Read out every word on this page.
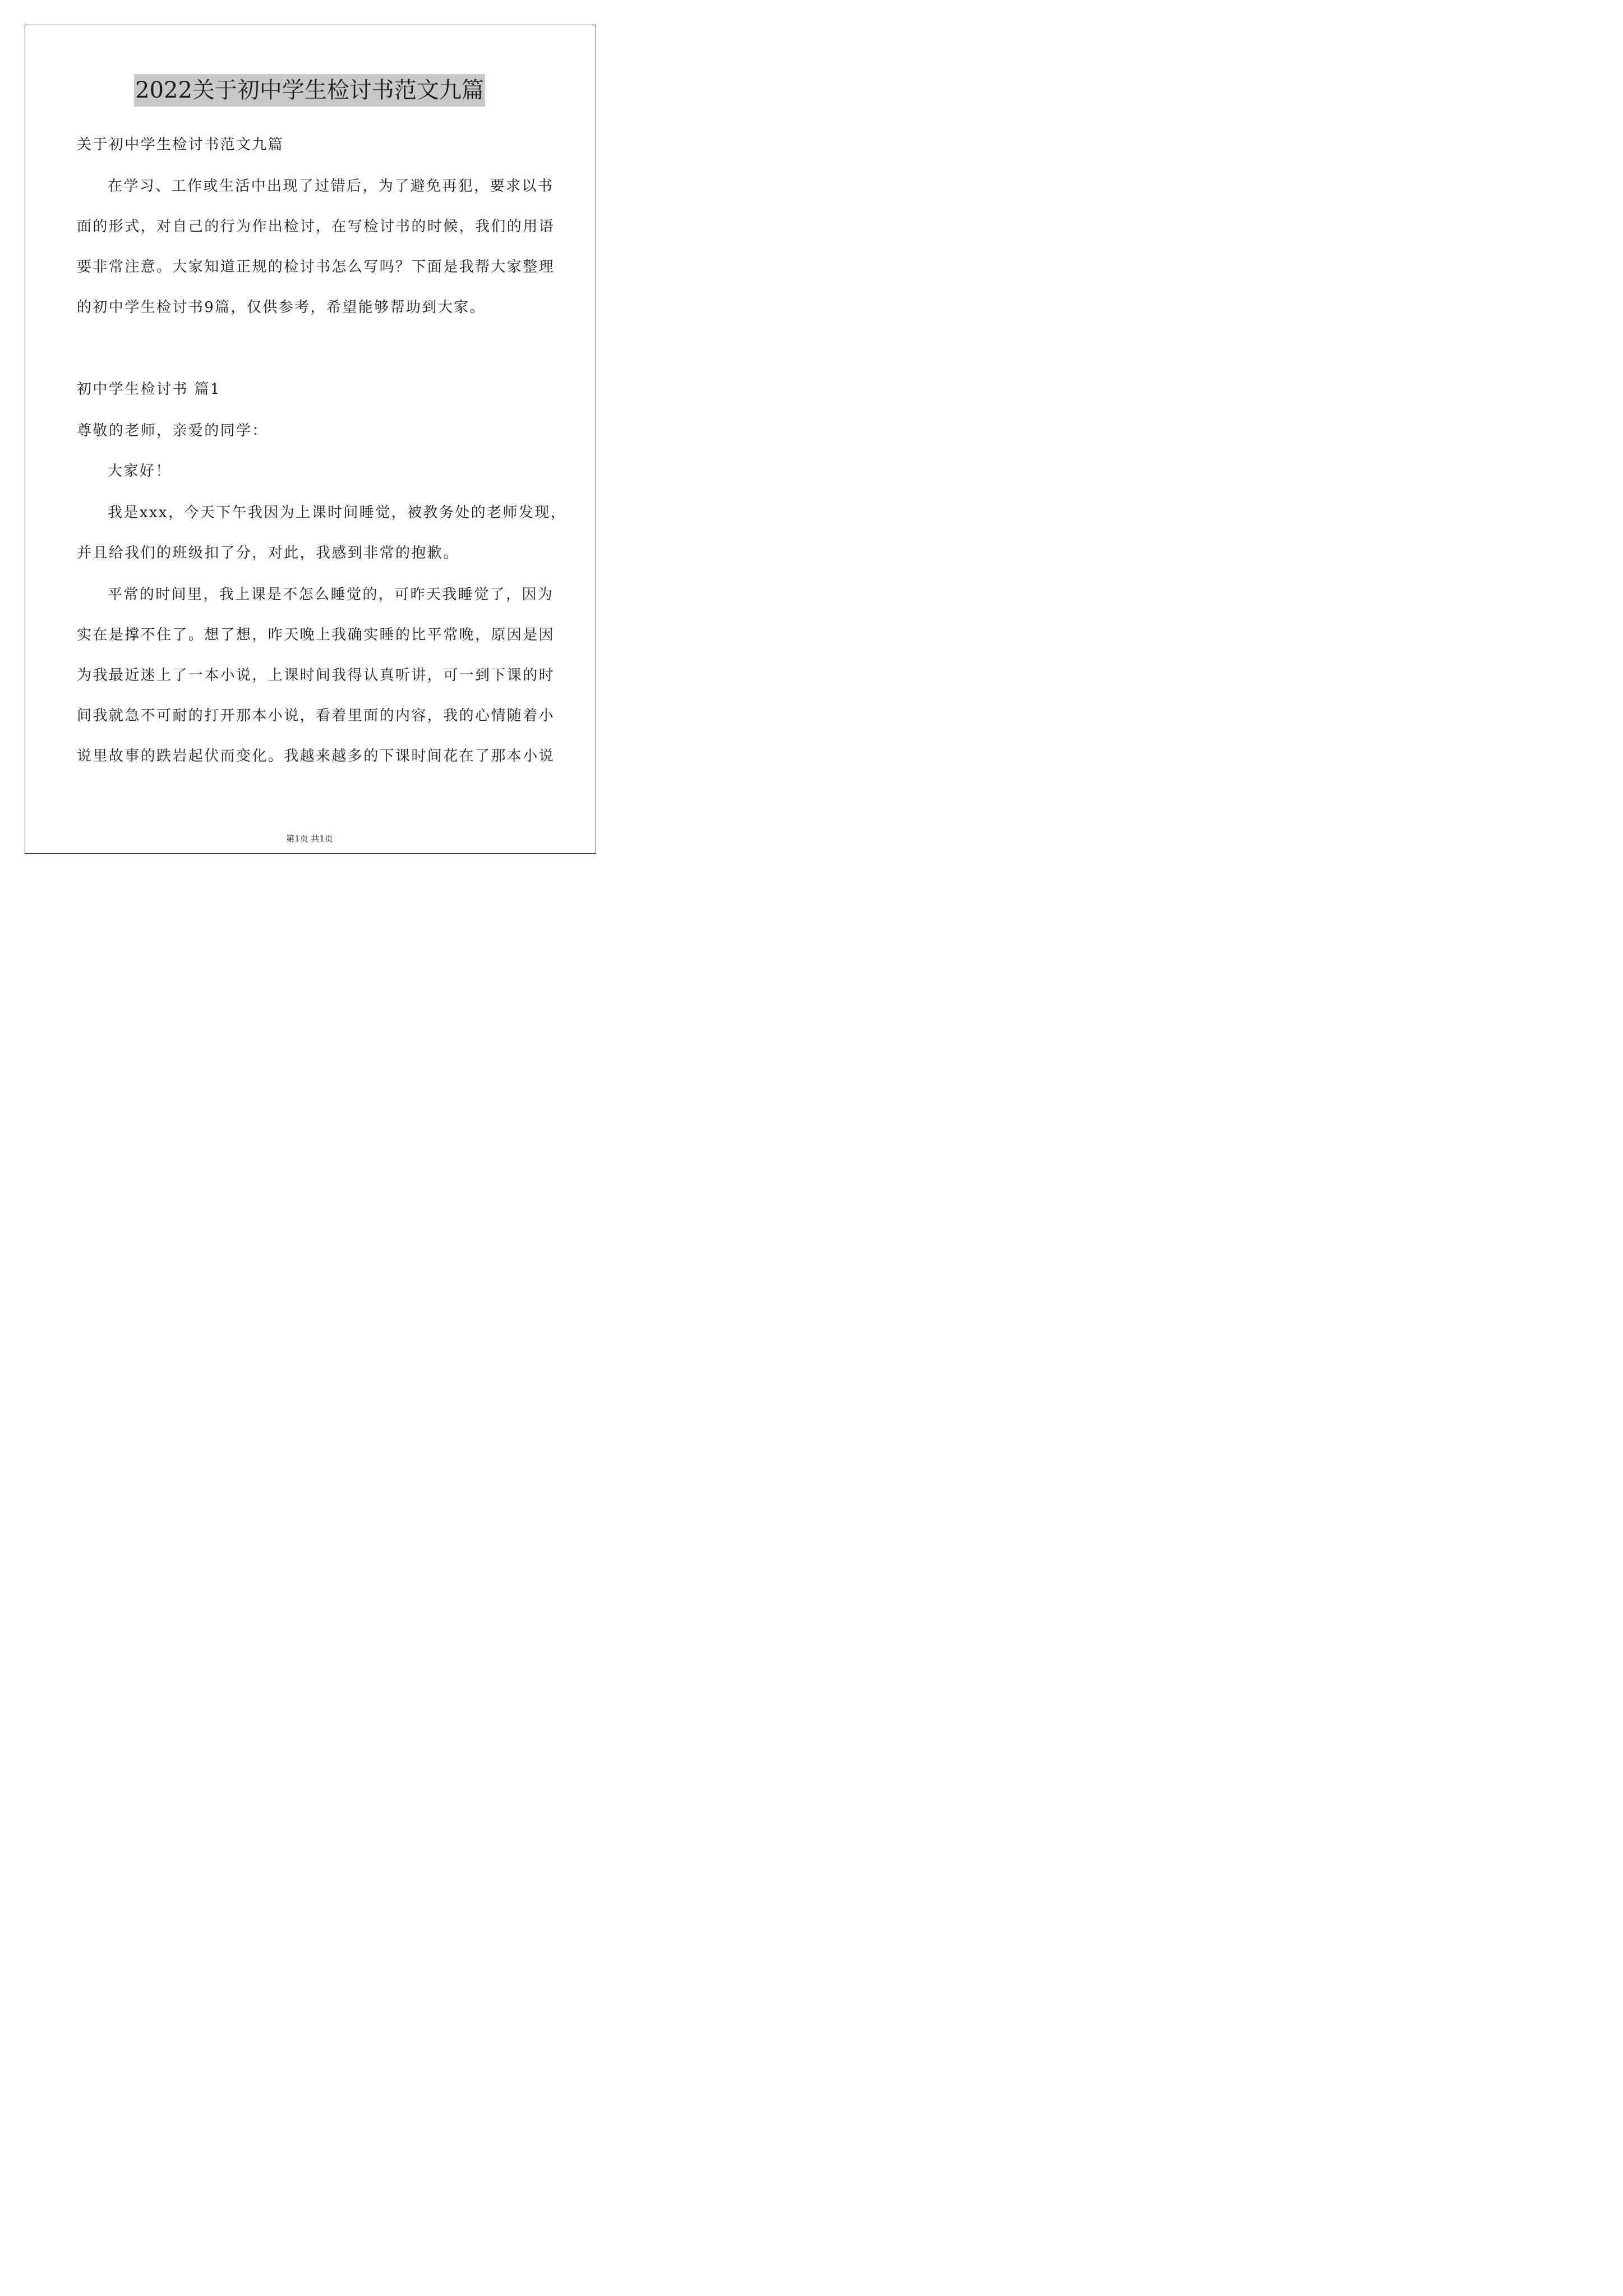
2022关于初中学生检讨书范文九篇
关于初中学生检讨书范文九篇
在学习、工作或生活中出现了过错后，为了避免再犯，要求以书
面的形式，对自己的行为作出检讨，在写检讨书的时候，我们的用语
要非常注意。大家知道正规的检讨书怎么写吗？下面是我帮大家整理
的初中学生检讨书9篇，仅供参考，希望能够帮助到大家。
初中学生检讨书 篇1
尊敬的老师，亲爱的同学：
大家好！
我是xxx，今天下午我因为上课时间睡觉，被教务处的老师发现，
并且给我们的班级扣了分，对此，我感到非常的抱歉。
平常的时间里，我上课是不怎么睡觉的，可昨天我睡觉了，因为
实在是撑不住了。想了想，昨天晚上我确实睡的比平常晚，原因是因
为我最近迷上了一本小说，上课时间我得认真听讲，可一到下课的时
间我就急不可耐的打开那本小说，看着里面的内容，我的心情随着小
说里故事的跌岩起伏而变化。我越来越多的下课时间花在了那本小说
第1页 共1页
